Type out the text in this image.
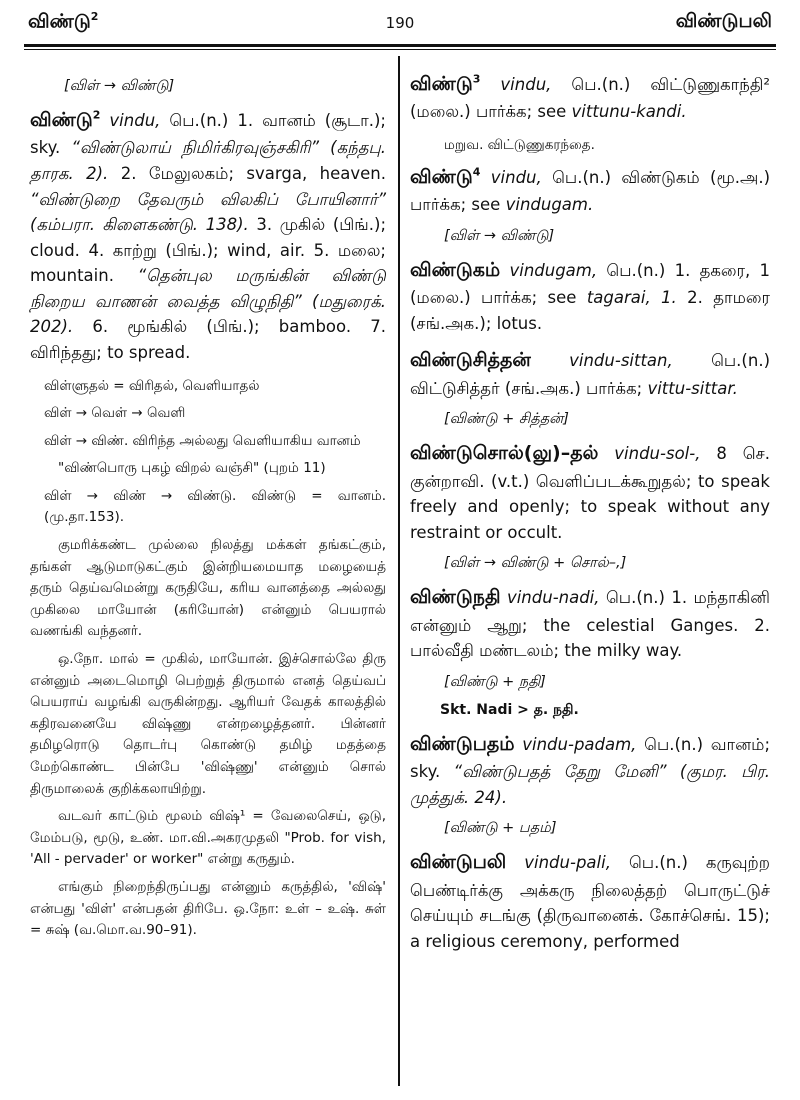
விண்டு$^2$	190	விண்டுபலி
[விள் → விண்டு]
விண்டு$^2$ vindu, பெ.(n.) 1. வானம் (சூடா.); sky. “விண்டுலாய் நிமிர்கிரவுஞ்சகிரி” (கந்தபு. தாரக. 2). 2. மேலுலகம்; svarga, heaven. “விண்டுறை தேவரும் விலகிப் போயினார்” (கம்பரா. கிளைகண்டு. 138). 3. முகில் (பிங்.); cloud. 4. காற்று (பிங்.); wind, air. 5. மலை; mountain. “தென்புல மருங்கின் விண்டு நிறைய வாணன் வைத்த விழுநிதி” (மதுரைக். 202). 6. மூங்கில் (பிங்.); bamboo. 7. விரிந்தது; to spread.

விள்ளுதல் = விரிதல், வெளியாதல்

விள் → வெள் → வெளி

விள் → விண். விரிந்த அல்லது வெளியாகிய வானம்

"விண்பொரு புகழ் விறல் வஞ்சி" (புறம் 11)

விள் → விண் → விண்டு. விண்டு = வானம். (மு.தா.153).

குமரிக்கண்ட முல்லை நிலத்து மக்கள் தங்கட்கும், தங்கள் ஆடுமாடுகட்கும் இன்றியமையாத மழையைத் தரும் தெய்வமென்று கருதியே, கரிய வானத்தை அல்லது முகிலை மாயோன் (கரியோன்) என்னும் பெயரால் வணங்கி வந்தனர்.

ஒ.நோ. மால் = முகில், மாயோன். இச்சொல்லே திரு என்னும் அடைமொழி பெற்றுத் திருமால் எனத் தெய்வப் பெயராய் வழங்கி வருகின்றது. ஆரியர் வேதக் காலத்தில் கதிரவனையே விஷ்ணு என்றழைத்தனர். பின்னர் தமிழரொடு தொடர்பு கொண்டு தமிழ் மதத்தை மேற்கொண்ட பின்பே 'விஷ்ணு' என்னும் சொல் திருமாலைக் குறிக்கலாயிற்று.

வடவர் காட்டும் மூலம் விஷ்¹ = வேலைசெய், ஒடு, மேம்படு, மூடு, உண். மா.வி.அகரமுதலி "Prob. for vish, 'All - pervader' or worker" என்று கருதும்.

எங்கும் நிறைந்திருப்பது என்னும் கருத்தில், 'விஷ்' என்பது 'விள்' என்பதன் திரிபே. ஒ.நோ: உள் – உஷ். சுள் = சுஷ் (வ.மொ.வ.90–91).

விண்டு$^3$ vindu, பெ.(n.) விட்டுணுகாந்தி² (மலை.) பார்க்க; see vittunu-kandi.

மறுவ. விட்டுணுகரந்தை.

விண்டு$^4$ vindu, பெ.(n.) விண்டுகம் (மூ.அ.) பார்க்க; see vindugam.
[விள் → விண்டு]
விண்டுகம் vindugam, பெ.(n.) 1. தகரை, 1 (மலை.) பார்க்க; see tagarai, 1. 2. தாமரை (சங்.அக.); lotus.
விண்டுசித்தன் vindu-sittan, பெ.(n.) விட்டுசித்தர் (சங்.அக.) பார்க்க; vittu-sittar.
[விண்டு + சித்தன்]
விண்டுசொல்(லு)–தல் vindu-sol-, 8 செ. குன்றாவி. (v.t.) வெளிப்படக்கூறுதல்; to speak freely and openly; to speak without any restraint or occult.
[விள் → விண்டு + சொல்–,]
விண்டுநதி vindu-nadi, பெ.(n.) 1. மந்தாகினி என்னும் ஆறு; the celestial Ganges. 2. பால்வீதி மண்டலம்; the milky way.
[விண்டு + நதி]
Skt. Nadi > த. நதி.
விண்டுபதம் vindu-padam, பெ.(n.) வானம்; sky. “விண்டுபதத் தேறு மேனி” (குமர. பிர. முத்துக். 24).
[விண்டு + பதம்]
விண்டுபலி vindu-pali, பெ.(n.) கருவுற்ற பெண்டிர்க்கு அக்கரு நிலைத்தற் பொருட்டுச் செய்யும் சடங்கு (திருவானைக். கோச்செங். 15); a religious ceremony, performed
